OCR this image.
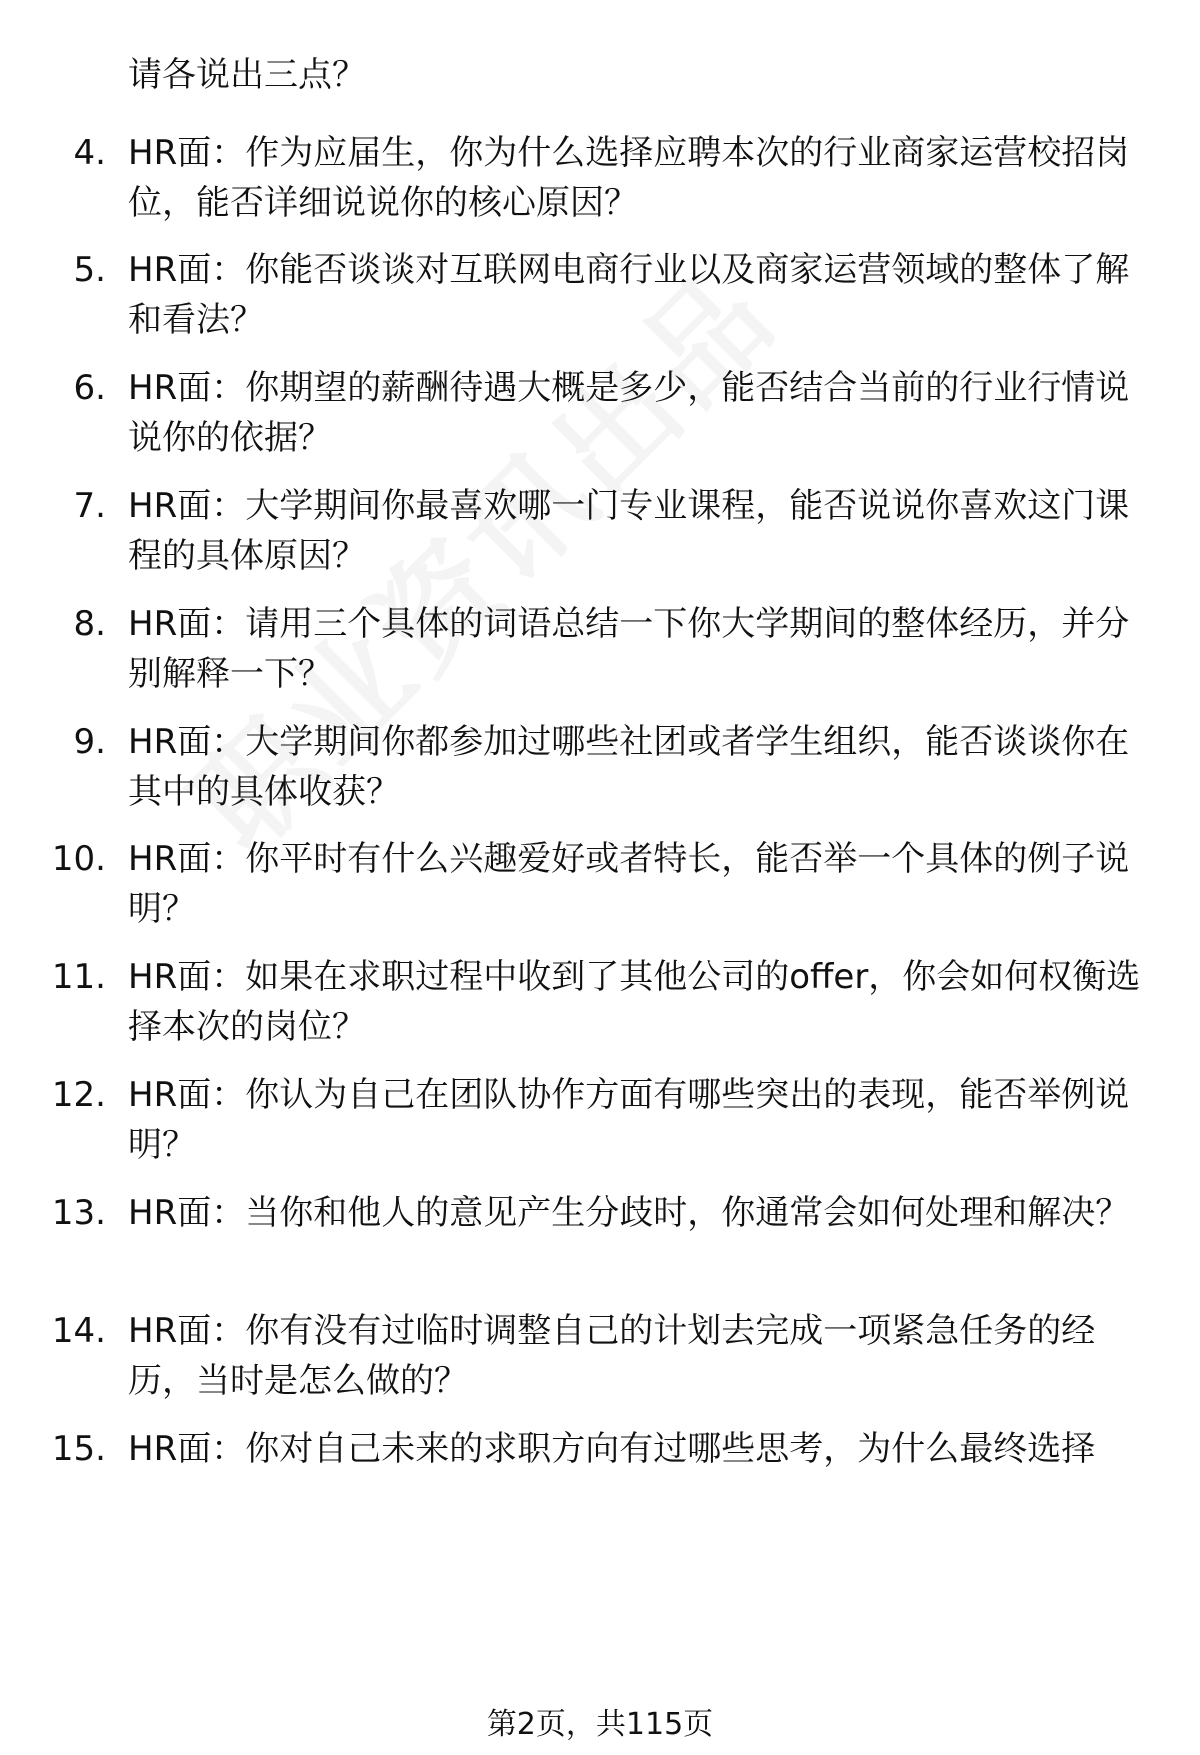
请各说出三点？
4. HR面：作为应届生，你为什么选择应聘本次的行业商家运营校招岗位，能否详细说说你的核心原因？
5. HR面：你能否谈谈对互联网电商行业以及商家运营领域的整体了解和看法？
6. HR面：你期望的薪酬待遇大概是多少，能否结合当前的行业行情说说你的依据？
7. HR面：大学期间你最喜欢哪一门专业课程，能否说说你喜欢这门课程的具体原因？
8. HR面：请用三个具体的词语总结一下你大学期间的整体经历，并分别解释一下？
9. HR面：大学期间你都参加过哪些社团或者学生组织，能否谈谈你在其中的具体收获？
10. HR面：你平时有什么兴趣爱好或者特长，能否举一个具体的例子说明？
11. HR面：如果在求职过程中收到了其他公司的offer，你会如何权衡选择本次的岗位？
12. HR面：你认为自己在团队协作方面有哪些突出的表现，能否举例说明？
13. HR面：当你和他人的意见产生分歧时，你通常会如何处理和解决？
14. HR面：你有没有过临时调整自己的计划去完成一项紧急任务的经历，当时是怎么做的？
15. HR面：你对自己未来的求职方向有过哪些思考，为什么最终选择
第2页，共115页
